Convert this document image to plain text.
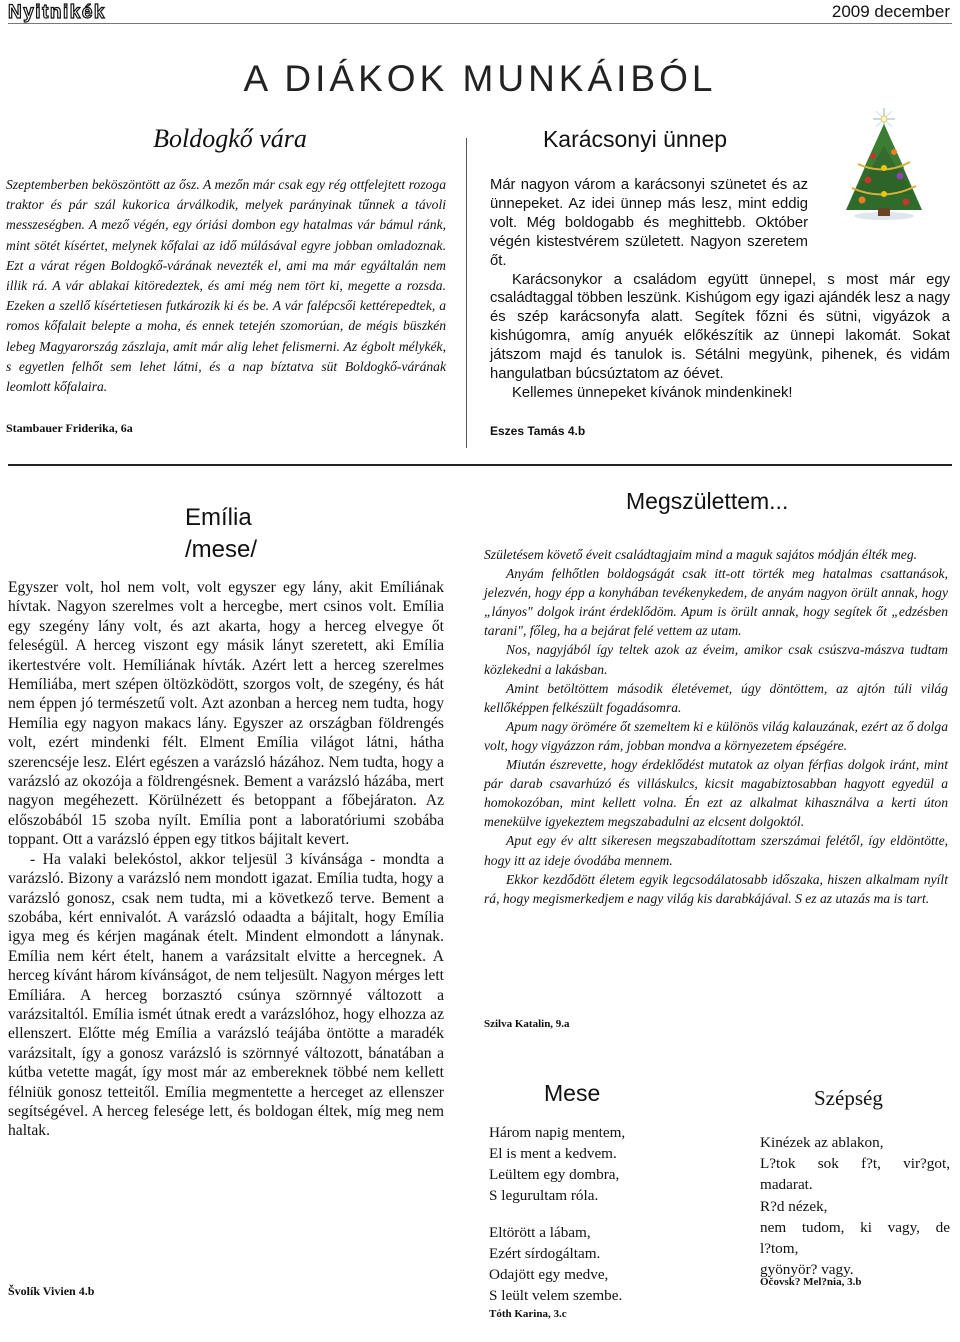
Nyitnikék	2009 december
A DIÁKOK MUNKÁIBÓL
Boldogkő vára
Szeptemberben beköszöntött az ősz. A mezőn már csak egy rég ottfelejtett rozoga traktor és pár szál kukorica árválkodik, melyek parányinak tűnnek a távoli messzeségben. A mező végén, egy óriási dombon egy hatalmas vár bámul ránk, mint sötét kísértet, melynek kőfalai az idő múlásával egyre jobban omladoznak. Ezt a várat régen Boldogkő-várának nevezték el, ami ma már egyáltalán nem illik rá. A vár ablakai kitöredeztek, és ami még nem tört ki, megette a rozsda. Ezeken a szellő kísértetiesen futkározik ki és be. A vár falépcsői kettérepedtek, a romos kőfalait belepte a moha, és ennek tetején szomorúan, de mégis büszkén lebeg Magyarország zászlaja, amit már alig lehet felismerni. Az égbolt mélykék, s egyetlen felhőt sem lehet látni, és a nap bíztatva süt Boldogkő-várának leomlott kőfalaira.
Stambauer Friderika, 6a
Karácsonyi ünnep

Már nagyon várom a karácsonyi szünetet és az ünnepeket. Az idei ünnep más lesz, mint eddig volt. Még boldogabb és meghittebb. Október végén kistestvérem született. Nagyon szeretem őt.

Karácsonykor a családom együtt ünnepel, s most már egy családtaggal többen leszünk. Kishúgom egy igazi ajándék lesz a nagy és szép karácsonyfa alatt. Segítek főzni és sütni, vigyázok a kishúgomra, amíg anyuék előkészítik az ünnepi lakomát. Sokat játszom majd és tanulok is. Sétálni megyünk, pihenek, és vidám hangulatban búcsúztatom az óévet.

Kellemes ünnepeket kívánok mindenkinek!

Eszes Tamás 4.b
Emília
/mese/

Egyszer volt, hol nem volt, volt egyszer egy lány, akit Emíliának hívtak. Nagyon szerelmes volt a hercegbe, mert csinos volt. Emília egy szegény lány volt, és azt akarta, hogy a herceg elvegye őt feleségül. A herceg viszont egy másik lányt szeretett, aki Emília ikertestvére volt. Hemíliának hívták. Azért lett a herceg szerelmes Hemíliába, mert szépen öltözködött, szorgos volt, de szegény, és hát nem éppen jó természetű volt. Azt azonban a herceg nem tudta, hogy Hemília egy nagyon makacs lány. Egyszer az országban földrengés volt, ezért mindenki félt. Elment Emília világot látni, hátha szerencséje lesz. Elért egészen a varázsló házához. Nem tudta, hogy a varázsló az okozója a földrengésnek. Bement a varázsló házába, mert nagyon megéhezett. Körülnézett és betoppant a főbejáraton. Az előszobából 15 szoba nyílt. Emília pont a laboratóriumi szobába toppant. Ott a varázsló éppen egy titkos bájitalt kevert.

- Ha valaki belekóstol, akkor teljesül 3 kívánsága - mondta a varázsló. Bizony a varázsló nem mondott igazat. Emília tudta, hogy a varázsló gonosz, csak nem tudta, mi a következő terve. Bement a szobába, kért ennivalót. A varázsló odaadta a bájitalt, hogy Emília igya meg és kérjen magának ételt. Mindent elmondott a lánynak. Emília nem kért ételt, hanem a varázsitalt elvitte a hercegnek. A herceg kívánt három kívánságot, de nem teljesült. Nagyon mérges lett Emíliára. A herceg borzasztó csúnya szörnnyé változott a varázsitaltól. Emília ismét útnak eredt a varázslóhoz, hogy elhozza az ellenszert. Előtte még Emília a varázsló teájába öntötte a maradék varázsitalt, így a gonosz varázsló is szörnnyé változott, bánatában a kútba vetette magát, így most már az embereknek többé nem kellett félniük gonosz tetteitől. Emília megmentette a herceget az ellenszer segítségével. A herceg felesége lett, és boldogan éltek, míg meg nem haltak.

Švolík Vivien 4.b
Megszülettem...

Születésem követő éveit családtagjaim mind a maguk sajátos módján élték meg.

Anyám felhőtlen boldogságát csak itt-ott törték meg hatalmas csattanások, jelezvén, hogy épp a konyhában tevékenykedem, de anyám nagyon örült annak, hogy „lányos" dolgok iránt érdeklődöm. Apum is örült annak, hogy segítek őt „edzésben tarani", főleg, ha a bejárat felé vettem az utam.

Nos, nagyjából így teltek azok az éveim, amikor csak csúszva-mászva tudtam közlekedni a lakásban.

Amint betöltöttem második életévemet, úgy döntöttem, az ajtón túli világ kellőképpen felkészült fogadásomra.

Apum nagy örömére őt szemeltem ki e különös világ kalauzának, ezért az ő dolga volt, hogy vigyázzon rám, jobban mondva a környezetem épségére.

Miután észrevette, hogy érdeklődést mutatok az olyan férfias dolgok iránt, mint pár darab csavarhúzó és villáskulcs, kicsit magabiztosabban hagyott egyedül a homokozóban, mint kellett volna. Én ezt az alkalmat kihasználva a kerti úton menekülve igyekeztem megszabadulni az elcsent dolgoktól.

Aput egy év altt sikeresen megszabadítottam szerszámai felétől, így eldöntötte, hogy itt az ideje óvodába mennem.

Ekkor kezdődött életem egyik legcsodálatosabb időszaka, hiszen alkalmam nyílt rá, hogy megismerkedjem e nagy világ kis darabkájával. S ez az utazás ma is tart.

Szilva Katalin, 9.a
Mese
Három napig mentem,
El is ment a kedvem.
Leültem egy dombra,
S legurultam róla.
Eltörött a lábam,
Ezért sírdogáltam.
Odajött egy medve,
S leült velem szembe.
Tóth Karina, 3.c
Szépség
Kinézek az ablakon,
L?tok sok f?t, vir?got,
madarat.
R?d nézek,
nem tudom, ki vagy, de
l?tom,
gyönyör? vagy.
Očovsk? Mel?nia, 3.b
